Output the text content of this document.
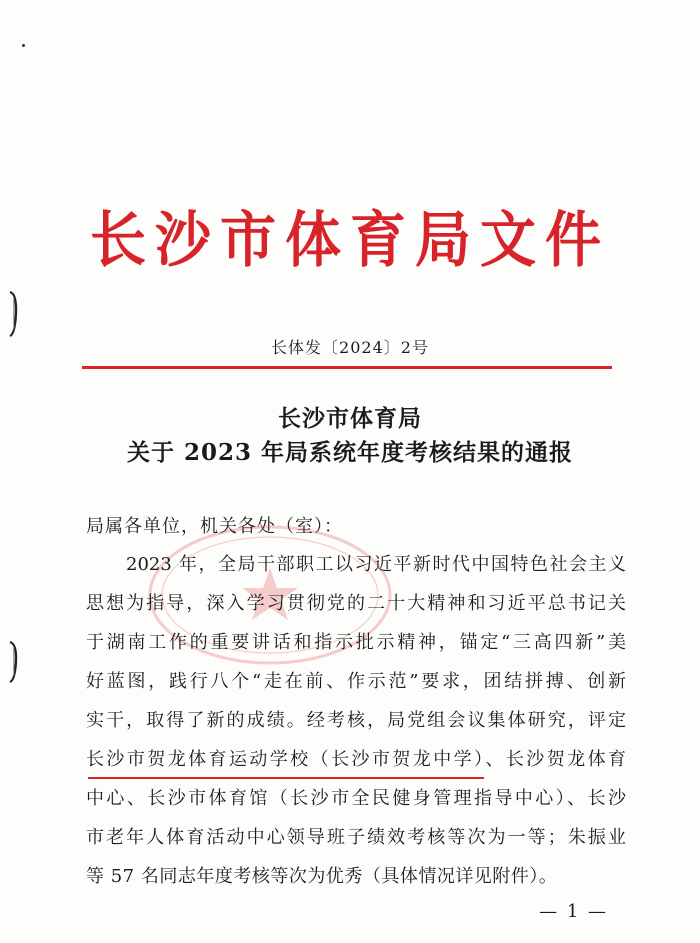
长沙市体育局文件
长体发〔2024〕2号
长沙市体育局
关于 2023 年局系统年度考核结果的通报
局属各单位，机关各处（室）：
2023 年，全局干部职工以习近平新时代中国特色社会主义
思想为指导，深入学习贯彻党的二十大精神和习近平总书记关
于湖南工作的重要讲话和指示批示精神，锚定“三高四新”美
好蓝图，践行八个“走在前、作示范”要求，团结拼搏、创新
实干，取得了新的成绩。经考核，局党组会议集体研究，评定
长沙市贺龙体育运动学校（长沙市贺龙中学）、长沙贺龙体育
中心、长沙市体育馆（长沙市全民健身管理指导中心）、长沙
市老年人体育活动中心领导班子绩效考核等次为一等；朱振业
等 57 名同志年度考核等次为优秀（具体情况详见附件）。
— 1 —
